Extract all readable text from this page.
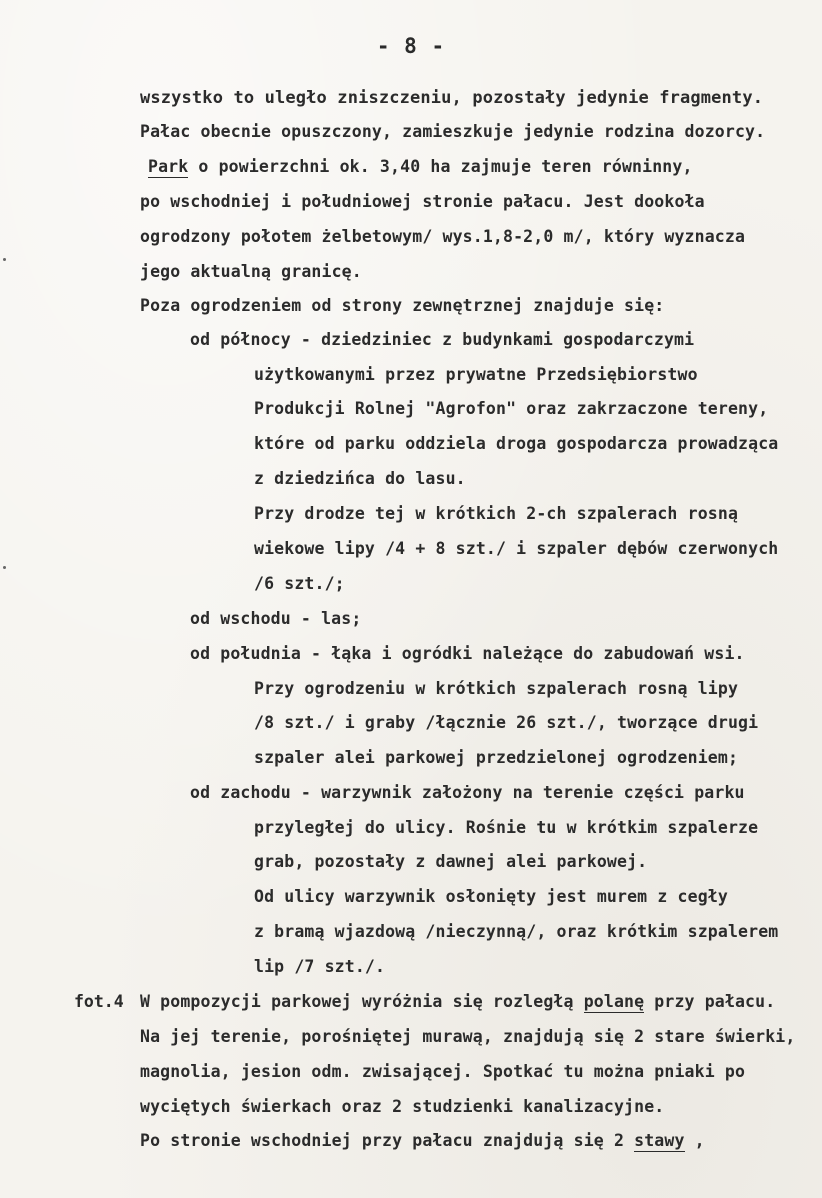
- 8 -
wszystko to uległo zniszczeniu, pozostały jedynie fragmenty.
Pałac obecnie opuszczony, zamieszkuje jedynie rodzina dozorcy.
Park o powierzchni ok. 3,40 ha zajmuje teren równinny,
po wschodniej i południowej stronie pałacu. Jest dookoła
ogrodzony połotem żelbetowym/ wys.1,8-2,0 m/, który wyznacza
jego aktualną granicę.
Poza ogrodzeniem od strony zewnętrznej znajduje się:
od północy - dziedziniec z budynkami gospodarczymi
użytkowanymi przez prywatne Przedsiębiorstwo
Produkcji Rolnej "Agrofon" oraz zakrzaczone tereny,
które od parku oddziela droga gospodarcza prowadząca
z dziedzińca do lasu.
Przy drodze tej w krótkich 2-ch szpalerach rosną
wiekowe lipy /4 + 8 szt./ i szpaler dębów czerwonych
/6 szt./;
od wschodu - las;
od południa - łąka i ogródki należące do zabudowań wsi.
Przy ogrodzeniu w krótkich szpalerach rosną lipy
/8 szt./ i graby /łącznie 26 szt./, tworzące drugi
szpaler alei parkowej przedzielonej ogrodzeniem;
od zachodu - warzywnik założony na terenie części parku
przyległej do ulicy. Rośnie tu w krótkim szpalerze
grab, pozostały z dawnej alei parkowej.
Od ulicy warzywnik osłonięty jest murem z cegły
z bramą wjazdową /nieczynną/, oraz krótkim szpalerem
lip /7 szt./.
fot.4 W pompozycji parkowej wyróżnia się rozległą polanę przy pałacu.
Na jej terenie, porośniętej murawą, znajdują się 2 stare świerki,
magnolia, jesion odm. zwisającej. Spotkać tu można pniaki po
wyciętych świerkach oraz 2 studzienki kanalizacyjne.
Po stronie wschodniej przy pałacu znajdują się 2 stawy ,
